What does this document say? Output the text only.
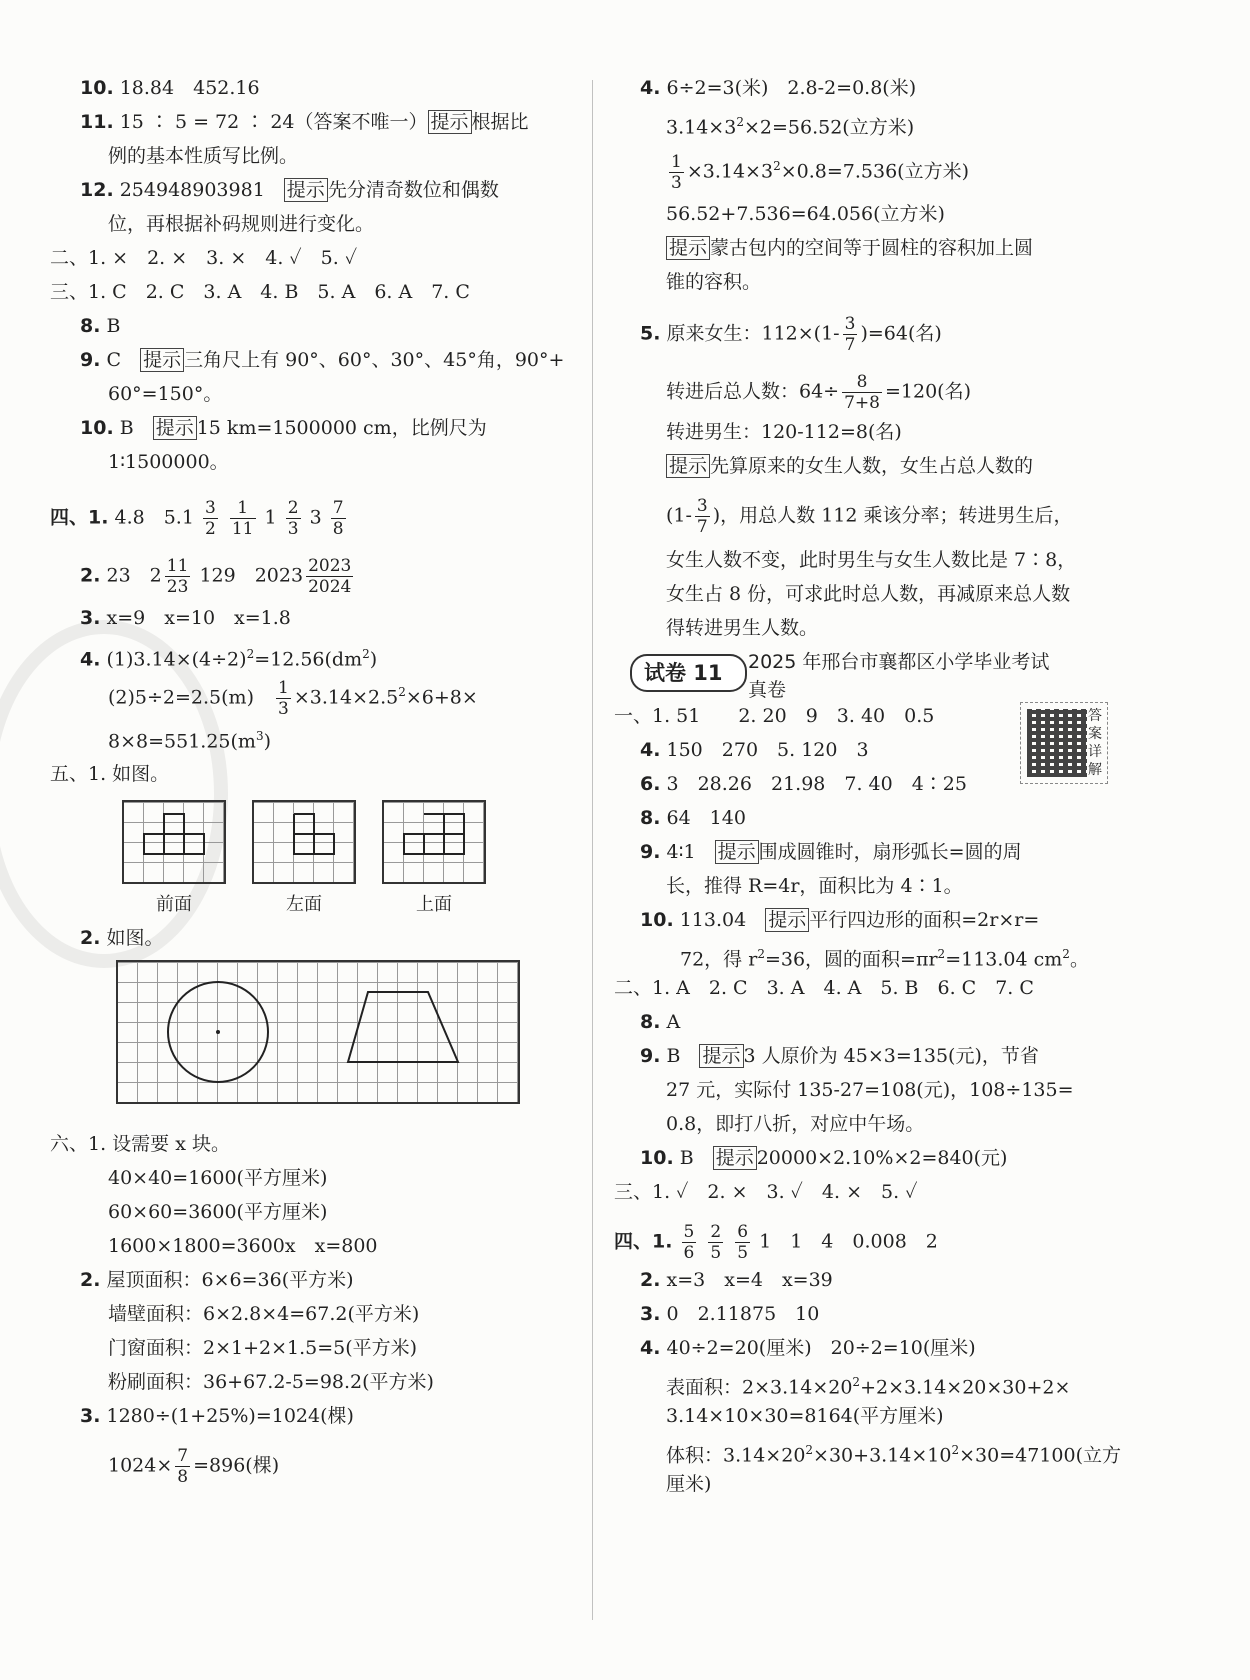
10. 18.84　452.16
11. 15 ∶ 5 = 72 ∶ 24（答案不唯一） 提示 根据比
例的基本性质写比例。
12. 254948903981　 提示 先分清奇数位和偶数
位，再根据补码规则进行变化。
二、1. ×　2. ×　3. ×　4. ✓　5. ✓
三、1. C　2. C　3. A　4. B　5. A　6. A　7. C
8. B
9. C　 提示 三角尺上有 90°、60°、30°、45°角，90°+
60°=150°。
10. B　 提示 15 km=1500000 cm，比例尺为
1∶1500000。
四、1. 4.8　$5.1 \frac{3}{2}$
$\frac{1}{11} 1 \frac{2}{3} 3 \frac{7}{8}$
2. 23　$2 \frac{11}{23} 129$　$2023 \frac{2023}{2024}$
3. x=9　x=10　x=1.8
4. $(1)3.14\times(4\div 2)^2=12.56(dm^2)$
(2)5÷2=2.5(m)　 $\frac{1}{3} \times 3.14\times 2.5^2\times 6+8\times$
$8\times 8=551.25(m^3)$
五、1. 如图。
前面	左面	上面
2. 如图。
六、1. 设需要 x 块。
40×40=1600(平方厘米)
60×60=3600(平方厘米)
1600×1800=3600x　x=800
2. 屋顶面积：6×6=36(平方米)
墙壁面积：6×2.8×4=67.2(平方米)
门窗面积：2×1+2×1.5=5(平方米)
粉刷面积：36+67.2-5=98.2(平方米)
3. 1280÷(1+25%)=1024(棵)
$1024\times \frac{7}{8} =896$(棵)
4. 6÷2=3(米)　2.8-2=0.8(米)
$3.14\times 3^2\times 2=56.52$(立方米)
$\frac{1}{3} \times 3.14\times 3^2\times 0.8=7.536$(立方米)
56.52+7.536=64.056(立方米)
提示 蒙古包内的空间等于圆柱的容积加上圆
锥的容积。
5. 原来女生：$112\times(1- \frac{3}{7} )=64$(名)
转进后总人数：$64\div \frac{8}{7+8} =120$(名)
转进男生：120-112=8(名)
提示 先算原来的女生人数，女生占总人数的
($1- \frac{3}{7}$ )，用总人数 112 乘该分率；转进男生后，
女生人数不变，此时男生与女生人数比是 7∶8，
女生占 8 份，可求此时总人数，再减原来总人数
得转进男生人数。
试卷 11	2025 年邢台市襄都区小学毕业考试
真卷
答案详解
一、1. 51　　2. 20　9　3. 40　0.5
4. 150　270　5. 120　3
6. 3　28.26　21.98　7. 40　4∶25
8. 64　140
9. 4∶1　 提示 围成圆锥时，扇形弧长=圆的周
长，推得 R=4r，面积比为 4∶1。
10. 113.04　 提示 平行四边形的面积=2r×r=
72，得 $r^2=36$，圆的面积$=\pi r^2=113.04$ $cm^2$。
二、1. A　2. C　3. A　4. A　5. B　6. C　7. C
8. A
9. B　 提示 3 人原价为 45×3=135(元)，节省
27 元，实际付 135-27=108(元)，108÷135=
0.8，即打八折，对应中午场。
10. B　 提示 20000×2.10%×2=840(元)
三、1. ✓　2. ×　3. ✓　4. ×　5. ✓
四、1. $\frac{5}{6}$
$\frac{2}{5}$
$\frac{6}{5} 1$　1　4　0.008　2
2. x=3　x=4　x=39
3. 0　2.11875　10
4. 40÷2=20(厘米)　20÷2=10(厘米)
表面积：$2\times 3.14\times 20^2+2\times 3.14\times 20\times 30+2\times$
3.14×10×30=8164(平方厘米)
体积：$3.14\times 20^2\times 30+3.14\times 10^2\times 30=47100$(立方
厘米)
